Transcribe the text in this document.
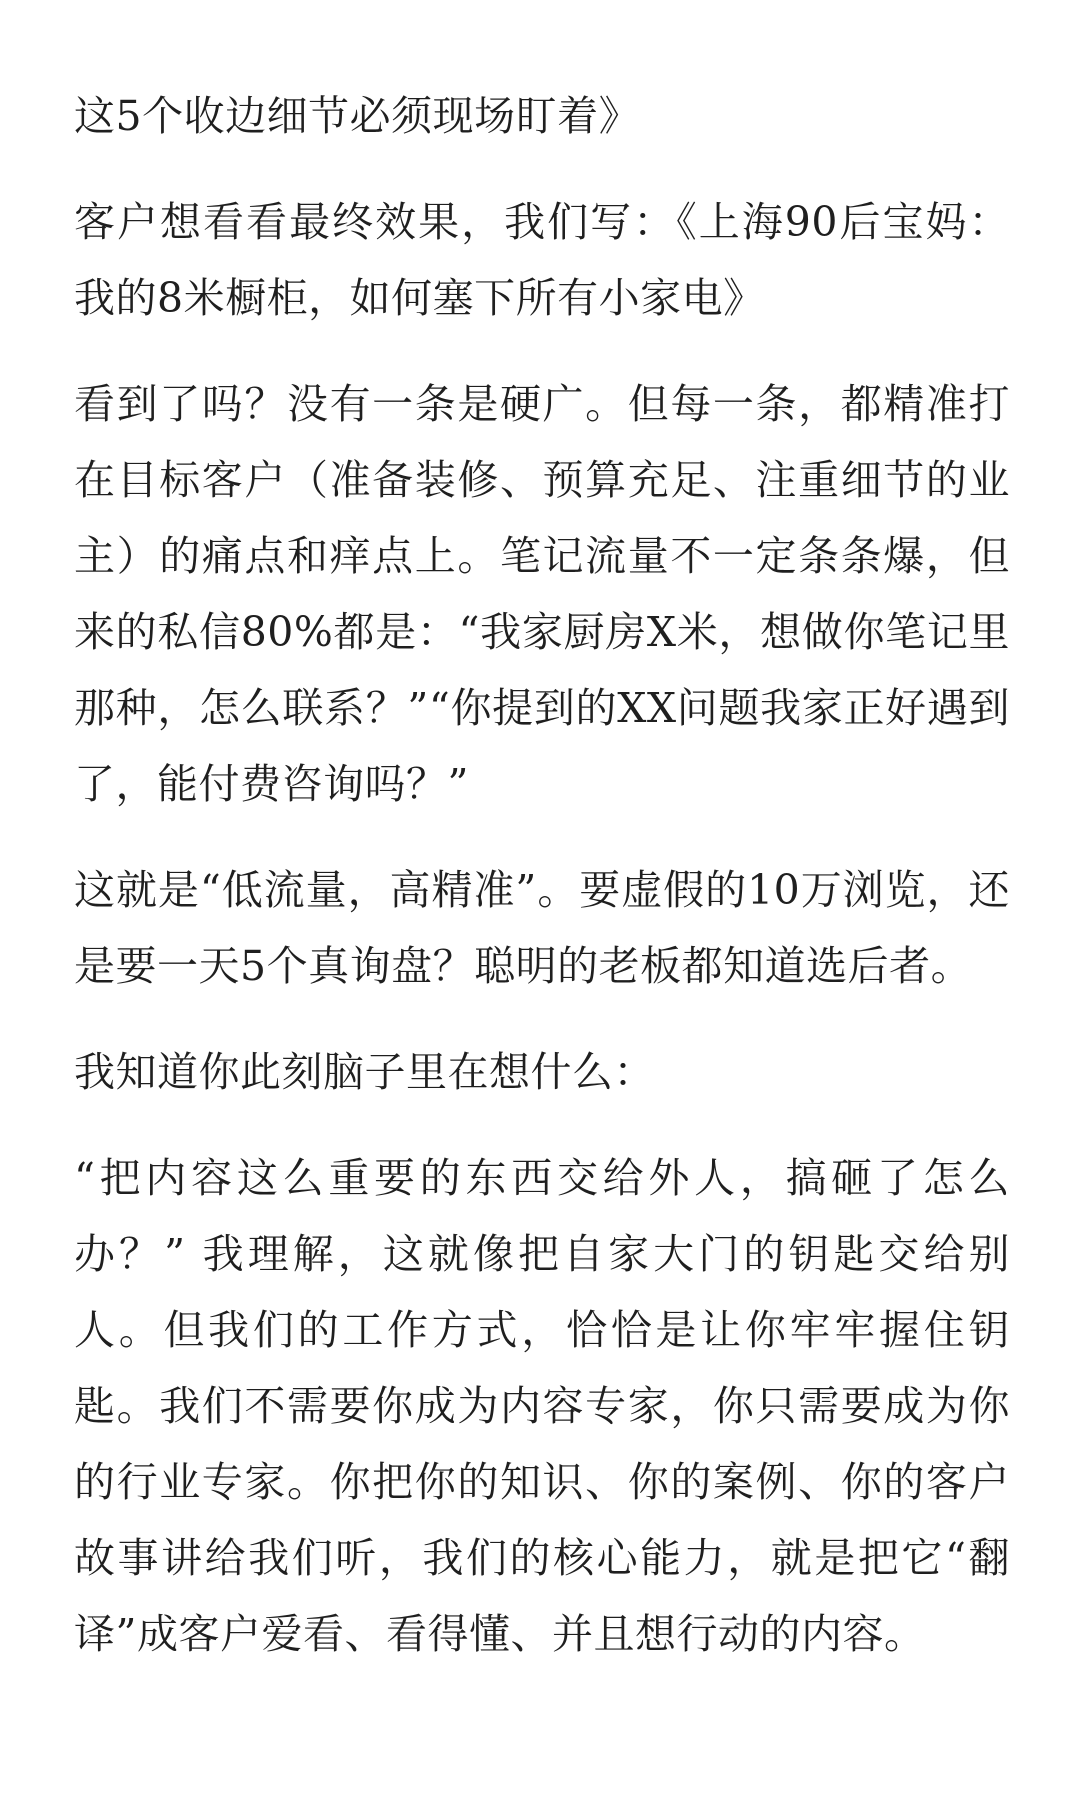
这5个收边细节必须现场盯着》

客户想看看最终效果，我们写：《上海90后宝妈：我的8米橱柜，如何塞下所有小家电》

看到了吗？没有一条是硬广。但每一条，都精准打在目标客户（准备装修、预算充足、注重细节的业主）的痛点和痒点上。笔记流量不一定条条爆，但来的私信80%都是：“我家厨房X米，想做你笔记里那种，怎么联系？”“你提到的XX问题我家正好遇到了，能付费咨询吗？”

这就是“低流量，高精准”。要虚假的10万浏览，还是要一天5个真询盘？聪明的老板都知道选后者。

我知道你此刻脑子里在想什么：

“把内容这么重要的东西交给外人，搞砸了怎么办？” 我理解，这就像把自家大门的钥匙交给别人。但我们的工作方式，恰恰是让你牢牢握住钥匙。我们不需要你成为内容专家，你只需要成为你的行业专家。你把你的知识、你的案例、你的客户故事讲给我们听，我们的核心能力，就是把它“翻译”成客户爱看、看得懂、并且想行动的内容。
